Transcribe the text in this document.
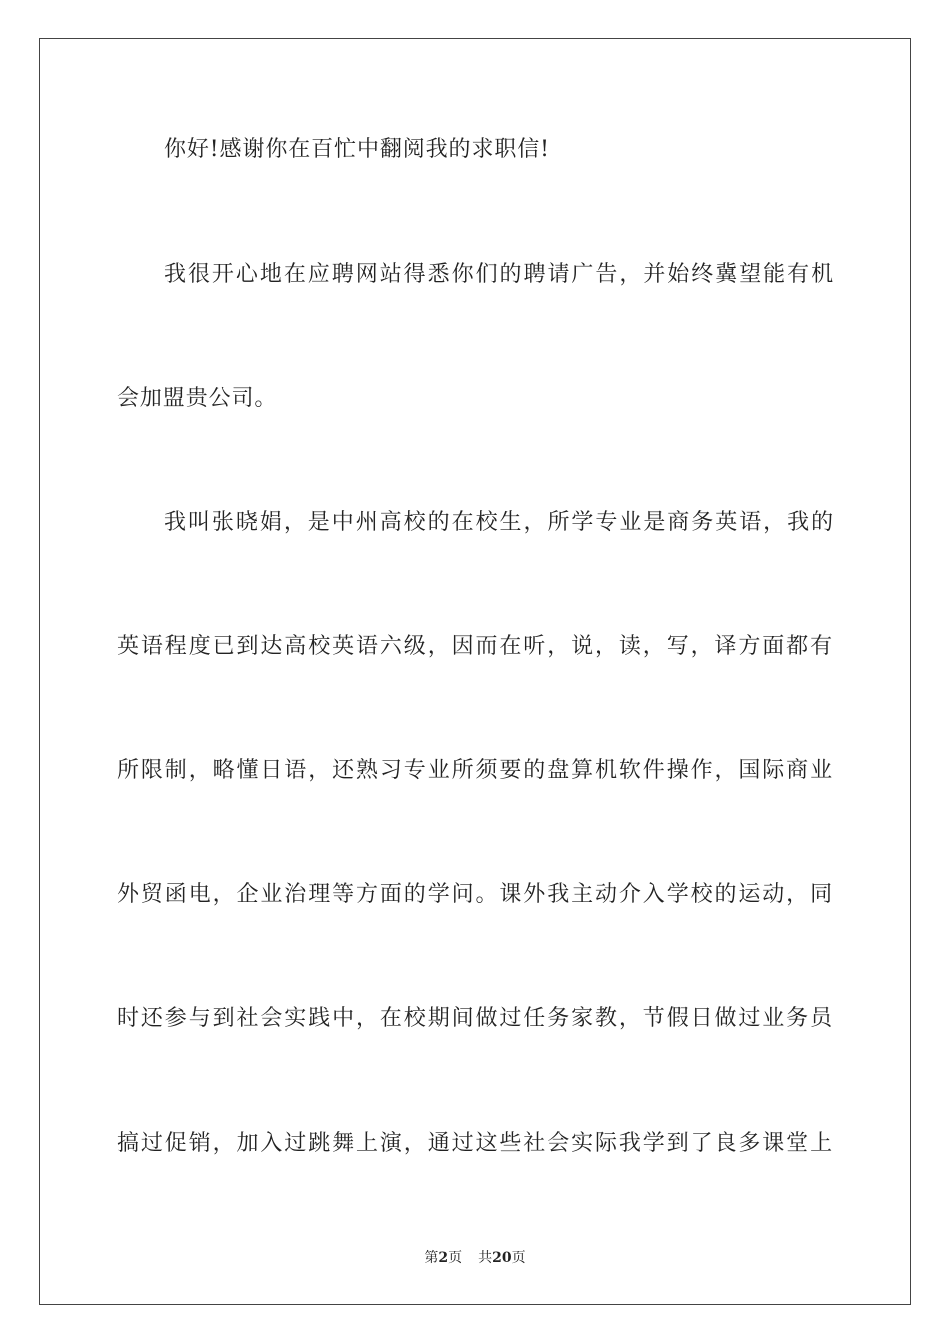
你好!感谢你在百忙中翻阅我的求职信!
我很开心地在应聘网站得悉你们的聘请广告，并始终冀望能有机
会加盟贵公司。
我叫张晓娟，是中州高校的在校生，所学专业是商务英语，我的
英语程度已到达高校英语六级，因而在听，说，读，写，译方面都有
所限制，略懂日语，还熟习专业所须要的盘算机软件操作，国际商业
外贸函电，企业治理等方面的学问。课外我主动介入学校的运动，同
时还参与到社会实践中，在校期间做过任务家教，节假日做过业务员
搞过促销，加入过跳舞上演，通过这些社会实际我学到了良多课堂上
第2页 共20页
